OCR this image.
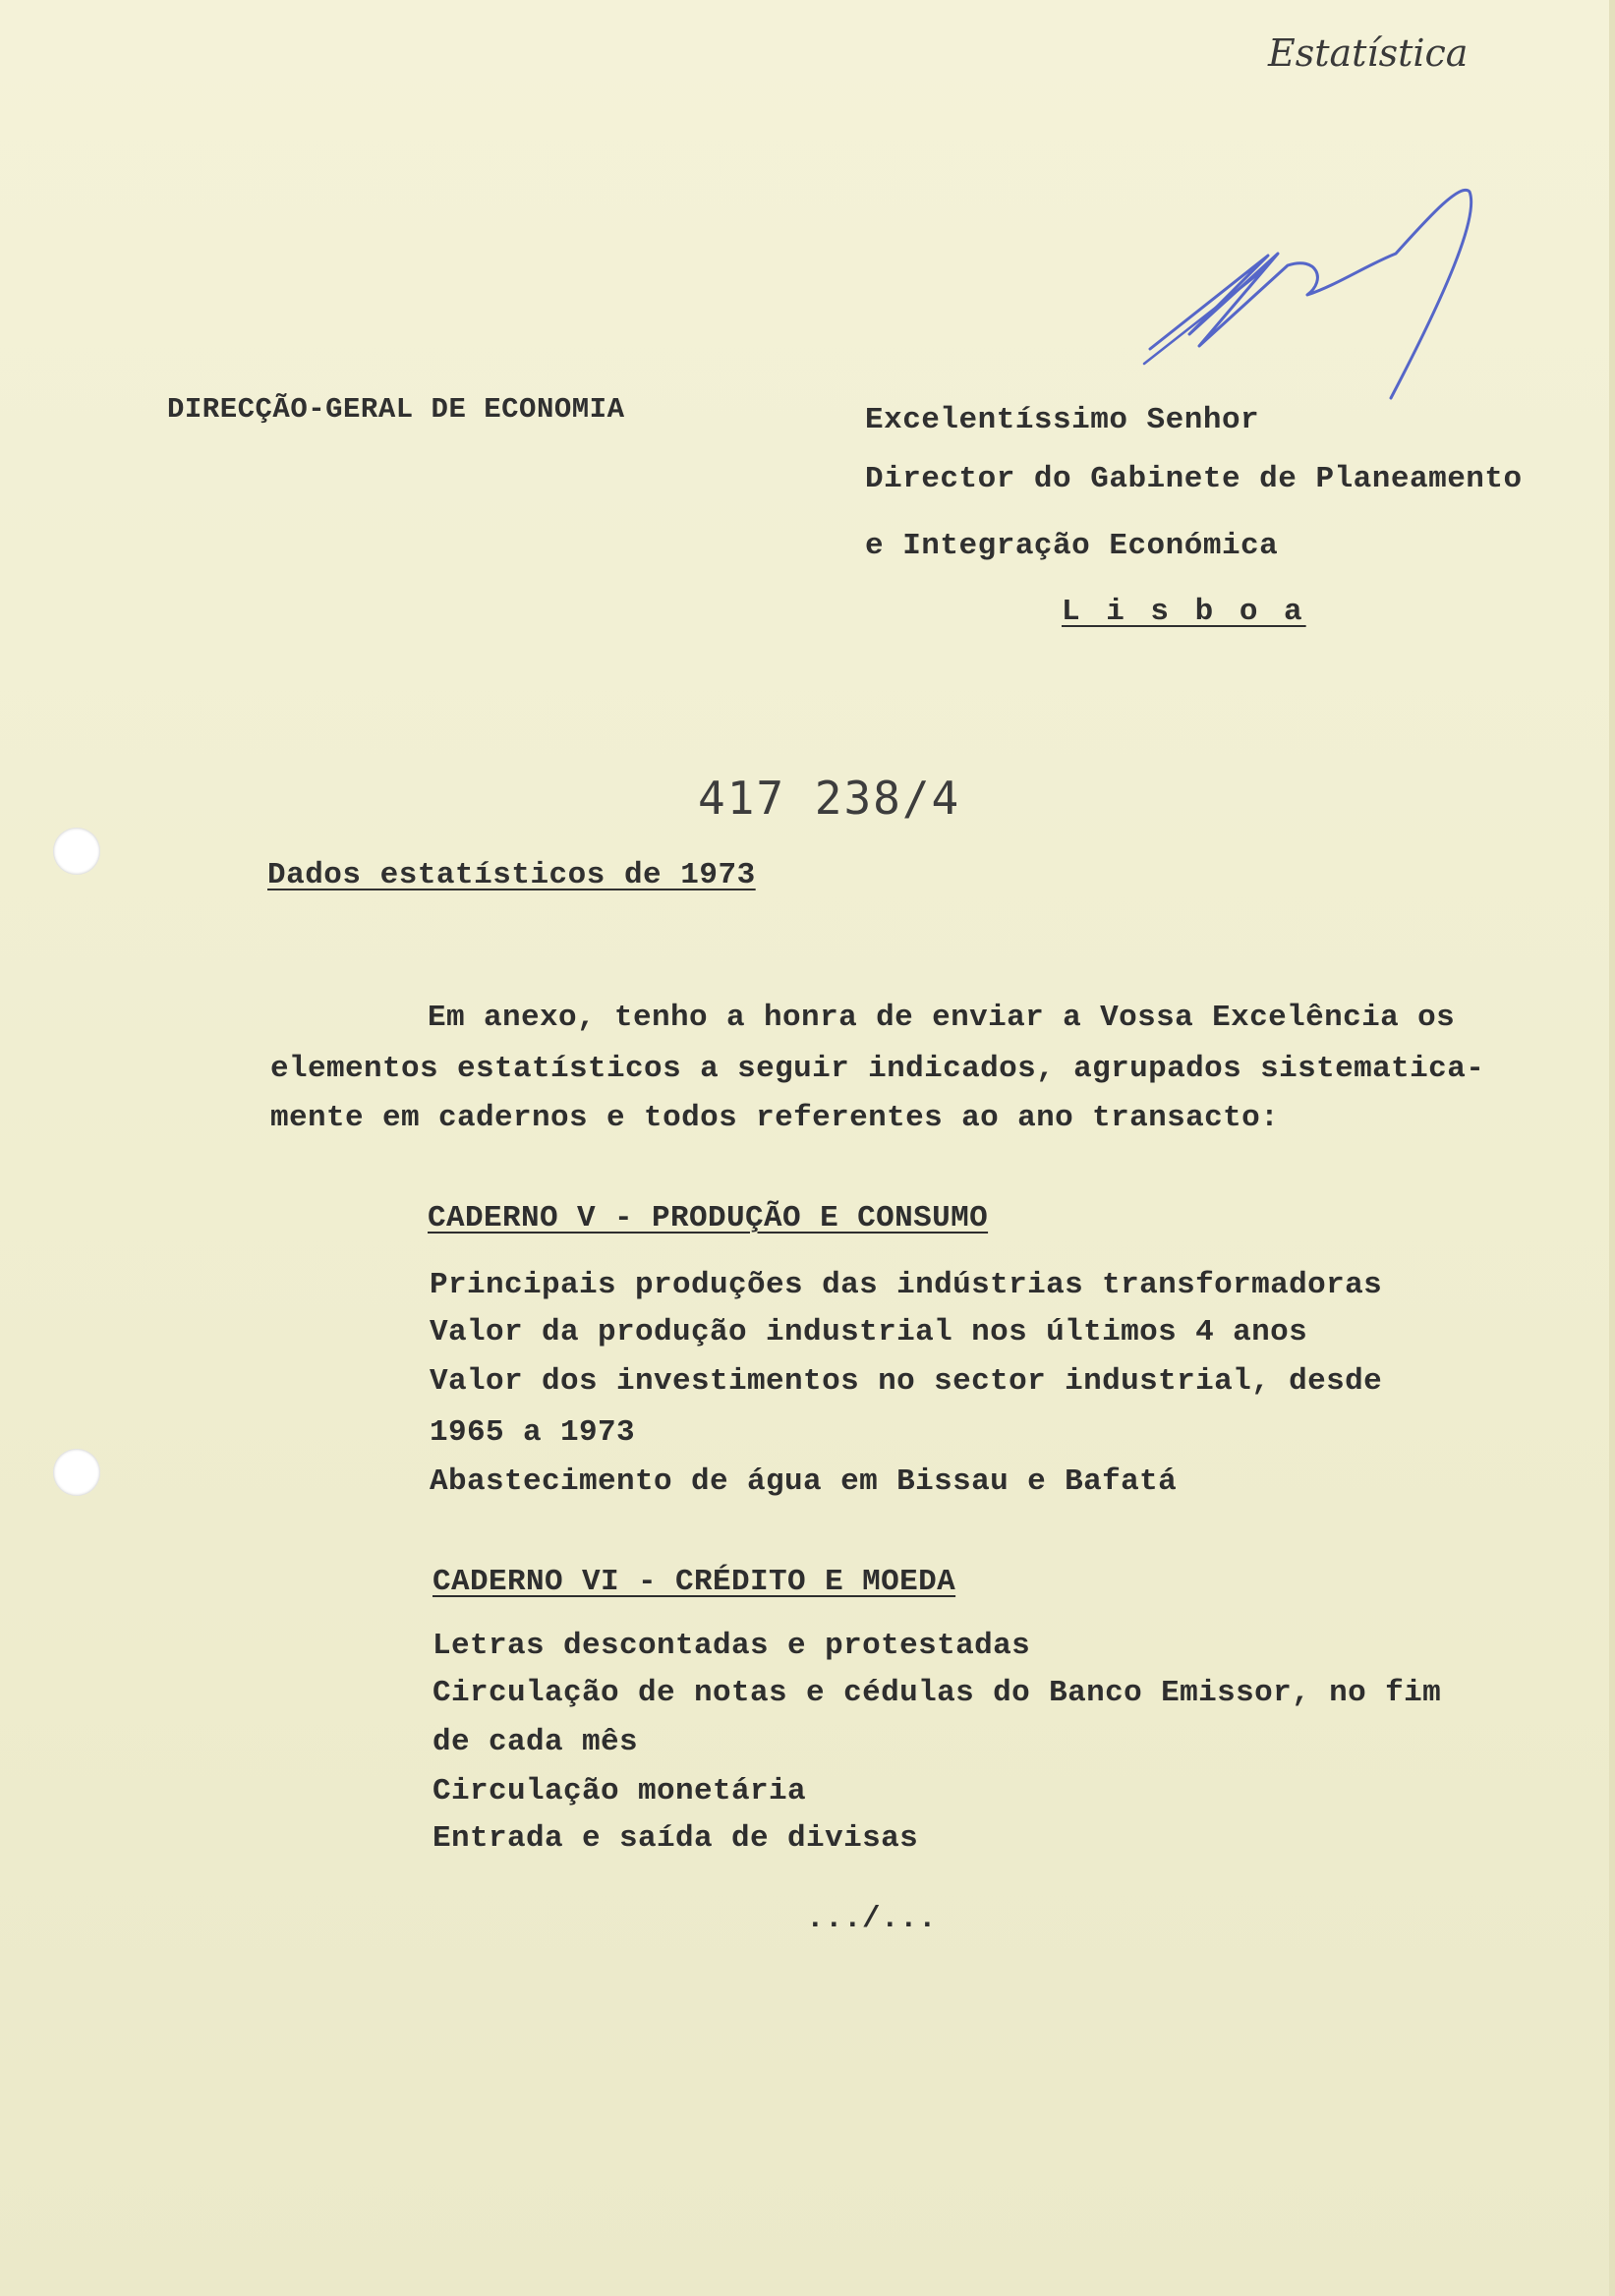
Estatística
DIRECÇÃO-GERAL DE ECONOMIA	Excelentíssimo Senhor
Director do Gabinete de Planeamento
e Integração Económica
L i s b o a
417 238/4
Dados estatísticos de 1973
Em anexo, tenho a honra de enviar a Vossa Excelência os
elementos estatísticos a seguir indicados, agrupados sistematica-
mente em cadernos e todos referentes ao ano transacto:
CADERNO V - PRODUÇÃO E CONSUMO
Principais produções das indústrias transformadoras
Valor da produção industrial nos últimos 4 anos
Valor dos investimentos no sector industrial, desde
1965 a 1973
Abastecimento de água em Bissau e Bafatá
CADERNO VI - CRÉDITO E MOEDA
Letras descontadas e protestadas
Circulação de notas e cédulas do Banco Emissor, no fim
de cada mês
Circulação monetária
Entrada e saída de divisas
.../...
